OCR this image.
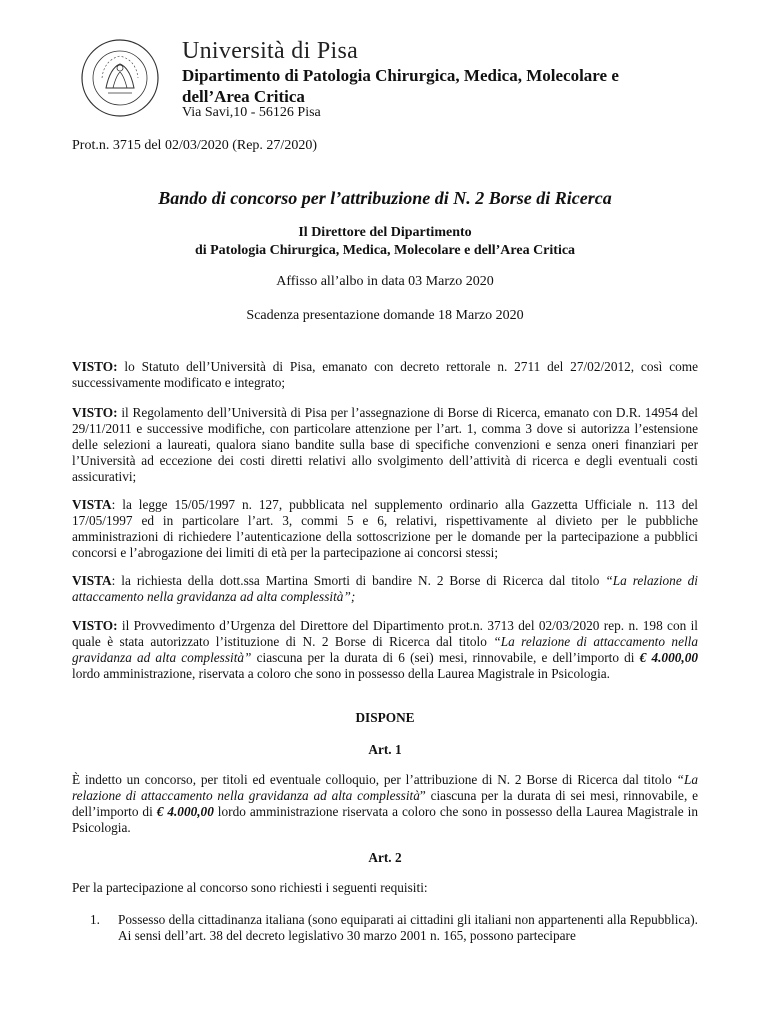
Università di Pisa
Dipartimento di Patologia Chirurgica, Medica, Molecolare e dell’Area Critica
Via Savi,10 - 56126 Pisa
Prot.n. 3715 del 02/03/2020 (Rep. 27/2020)
Bando di concorso per l’attribuzione di N. 2 Borse di Ricerca
Il Direttore del Dipartimento
di Patologia Chirurgica, Medica, Molecolare e dell’Area Critica
Affisso all’albo in data 03 Marzo 2020
Scadenza presentazione domande 18 Marzo 2020
VISTO: lo Statuto dell’Università di Pisa, emanato con decreto rettorale n. 2711 del 27/02/2012, così come successivamente modificato e integrato;
VISTO: il Regolamento dell’Università di Pisa per l’assegnazione di Borse di Ricerca, emanato con D.R. 14954 del 29/11/2011 e successive modifiche, con particolare attenzione per l’art. 1, comma 3 dove si autorizza l’estensione delle selezioni a laureati, qualora siano bandite sulla base di specifiche convenzioni e senza oneri finanziari per l’Università ad eccezione dei costi diretti relativi allo svolgimento dell’attività di ricerca e degli eventuali costi assicurativi;
VISTA: la legge 15/05/1997 n. 127, pubblicata nel supplemento ordinario alla Gazzetta Ufficiale n. 113 del 17/05/1997 ed in particolare l’art. 3, commi 5 e 6, relativi, rispettivamente al divieto per le pubbliche amministrazioni di richiedere l’autenticazione della sottoscrizione per le domande per la partecipazione a pubblici concorsi e l’abrogazione dei limiti di età per la partecipazione ai concorsi stessi;
VISTA: la richiesta della dott.ssa Martina Smorti di bandire N. 2 Borse di Ricerca dal titolo “La relazione di attaccamento nella gravidanza ad alta complessità”;
VISTO: il Provvedimento d’Urgenza del Direttore del Dipartimento prot.n. 3713 del 02/03/2020 rep. n. 198 con il quale è stata autorizzato l’istituzione di N. 2 Borse di Ricerca dal titolo “La relazione di attaccamento nella gravidanza ad alta complessità” ciascuna per la durata di 6 (sei) mesi, rinnovabile, e dell’importo di € 4.000,00 lordo amministrazione, riservata a coloro che sono in possesso della Laurea Magistrale in Psicologia.
DISPONE
Art. 1
È indetto un concorso, per titoli ed eventuale colloquio, per l’attribuzione di N. 2 Borse di Ricerca dal titolo “La relazione di attaccamento nella gravidanza ad alta complessità” ciascuna per la durata di sei mesi, rinnovabile, e dell’importo di € 4.000,00 lordo amministrazione riservata a coloro che sono in possesso della Laurea Magistrale in Psicologia.
Art. 2
Per la partecipazione al concorso sono richiesti i seguenti requisiti:
1. Possesso della cittadinanza italiana (sono equiparati ai cittadini gli italiani non appartenenti alla Repubblica). Ai sensi dell’art. 38 del decreto legislativo 30 marzo 2001 n. 165, possono partecipare
